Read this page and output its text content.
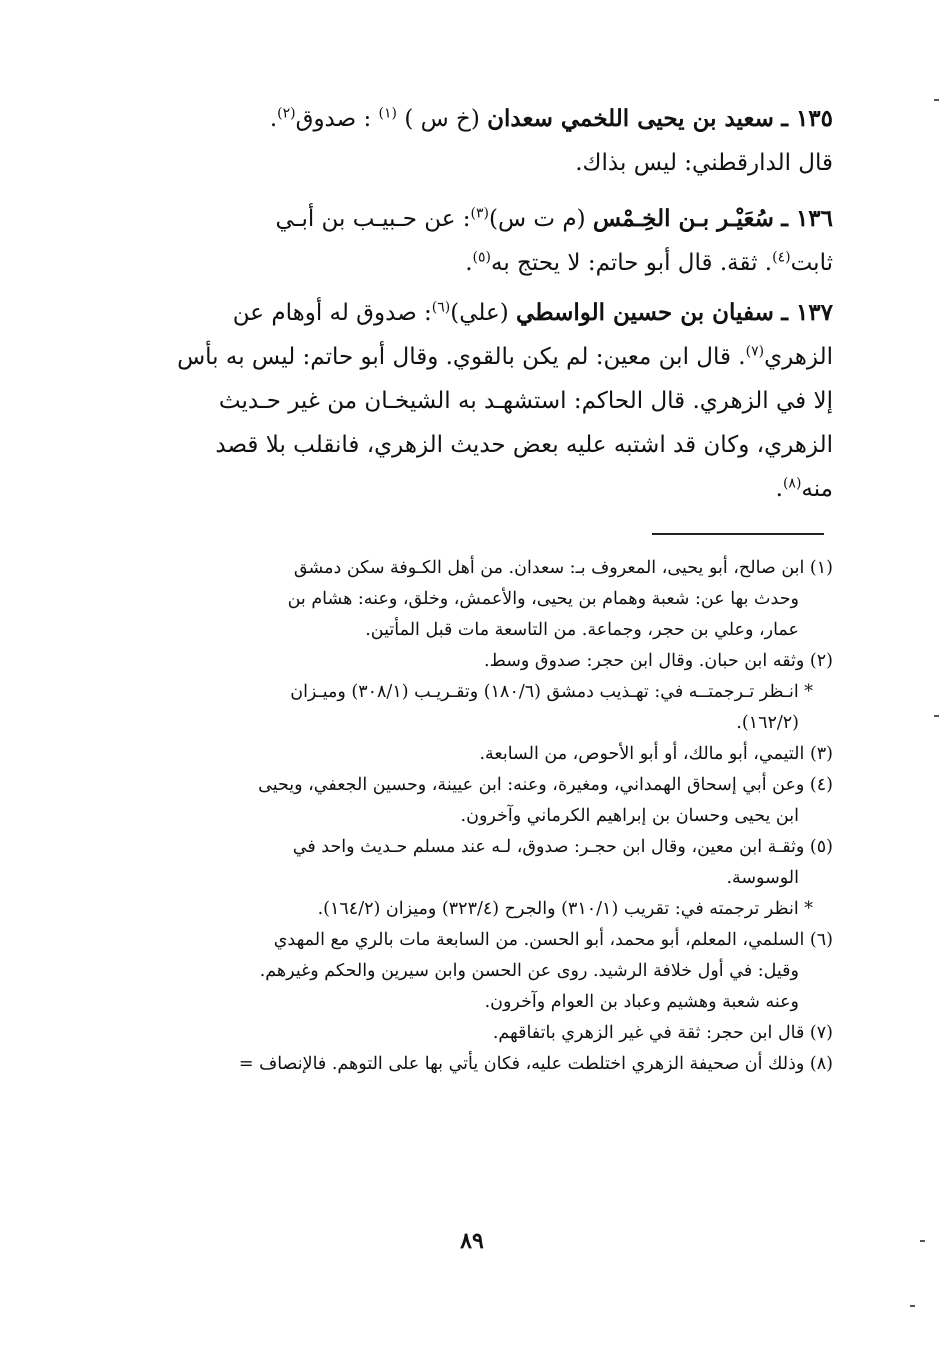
١٣٥ ـ سعيد بن يحيى اللخمي سعدان (خ س ) $^{(١)}$ : صدوق$^{(٢)}$.
قال الدارقطني: ليس بذاك.
١٣٦ ـ سُعَيْـر بـن الخِـمْس (م ت س)$^{(٣)}$: عن حـبيـب بن أبـي
ثابت$^{(٤)}$. ثقة. قال أبو حاتم: لا يحتج به$^{(٥)}$.
١٣٧ ـ سفيان بن حسين الواسطي (علي)$^{(٦)}$: صدوق له أوهام عن
الزهري$^{(٧)}$. قال ابن معين: لم يكن بالقوي. وقال أبو حاتم: ليس به بأس
إلا في الزهري. قال الحاكم: استشهـد به الشيخـان من غير حـديث
الزهري، وكان قد اشتبه عليه بعض حديث الزهري، فانقلب بلا قصد
منه$^{(٨)}$.
(١) ابن صالح، أبو يحيى، المعروف بـ: سعدان. من أهل الكـوفة سكن دمشق
وحدث بها عن: شعبة وهمام بن يحيى، والأعمش، وخلق، وعنه: هشام بن
عمار، وعلي بن حجر، وجماعة. من التاسعة مات قبل المأتين.
(٢) وثقه ابن حبان. وقال ابن حجر: صدوق وسط.
* انـظر تـرجمتــه في: تهـذيب دمشق (١٨٠/٦) وتقـريـب (٣٠٨/١) وميـزان
(١٦٢/٢).
(٣) التيمي، أبو مالك، أو أبو الأحوص، من السابعة.
(٤) وعن أبي إسحاق الهمداني، ومغيرة، وعنه: ابن عيينة، وحسين الجعفي، ويحيى
ابن يحيى وحسان بن إبراهيم الكرماني وآخرون.
(٥) وثقـة ابن معين، وقال ابن حجـر: صدوق، لـه عند مسلم حـديث واحد في
الوسوسة.
* انظر ترجمته في: تقريب (٣١٠/١) والجرح (٣٢٣/٤) وميزان (١٦٤/٢).
(٦) السلمي، المعلم، أبو محمد، أبو الحسن. من السابعة مات بالري مع المهدي
وقيل: في أول خلافة الرشيد. روى عن الحسن وابن سيرين والحكم وغيرهم.
وعنه شعبة وهشيم وعباد بن العوام وآخرون.
(٧) قال ابن حجر: ثقة في غير الزهري باتفاقهم.
(٨) وذلك أن صحيفة الزهري اختلطت عليه، فكان يأتي بها على التوهم. فالإنصاف =
٨٩
